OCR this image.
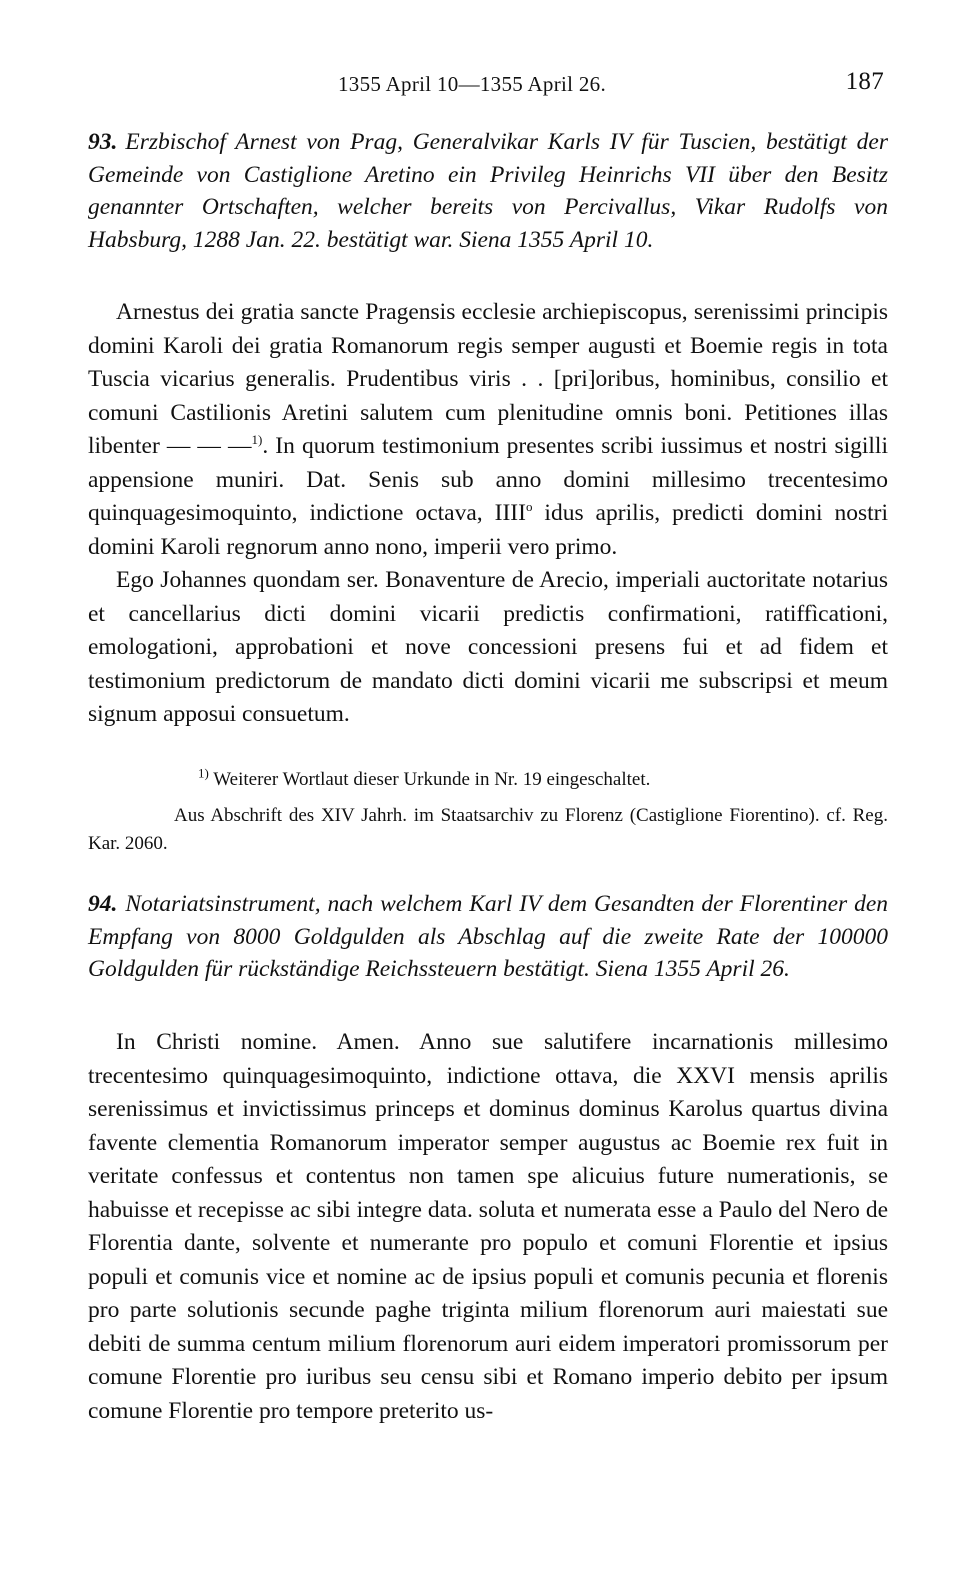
1355 April 10—1355 April 26.	187

93. Erzbischof Arnest von Prag, Generalvikar Karls IV für Tuscien, bestätigt der Gemeinde von Castiglione Aretino ein Privileg Heinrichs VII über den Besitz genannter Ortschaften, welcher bereits von Percivallus, Vikar Rudolfs von Habsburg, 1288 Jan. 22. bestätigt war. Siena 1355 April 10.

Arnestus dei gratia sancte Pragensis ecclesie archiepiscopus, serenissimi principis domini Karoli dei gratia Romanorum regis semper augusti et Boemie regis in tota Tuscia vicarius generalis. Prudentibus viris . . [pri]oribus, hominibus, consilio et comuni Castilionis Aretini salutem cum plenitudine omnis boni. Petitiones illas libenter — — —$^{1)}$. In quorum testimonium presentes scribi iussimus et nostri sigilli appensione muniri. Dat. Senis sub anno domini millesimo trecentesimo quinquagesimoquinto, indictione octava, IIII$^o$ idus aprilis, predicti domini nostri domini Karoli regnorum anno nono, imperii vero primo.

Ego Johannes quondam ser. Bonaventure de Arecio, imperiali auctoritate notarius et cancellarius dicti domini vicarii predictis confirmationi, ratiffìcationi, emologationi, approbationi et nove concessioni presens fui et ad fidem et testimonium predictorum de mandato dicti domini vicarii me subscripsi et meum signum apposui consuetum.

$^{1)}$ Weiterer Wortlaut dieser Urkunde in Nr. 19 eingeschaltet.

Aus Abschrift des XIV Jahrh. im Staatsarchiv zu Florenz (Castiglione Fiorentino). cf. Reg. Kar. 2060.

94. Notariatsinstrument, nach welchem Karl IV dem Gesandten der Florentiner den Empfang von 8000 Goldgulden als Abschlag auf die zweite Rate der 100000 Goldgulden für rückständige Reichssteuern bestätigt. Siena 1355 April 26.

In Christi nomine. Amen. Anno sue salutifere incarnationis millesimo trecentesimo quinquagesimoquinto, indictione ottava, die XXVI mensis aprilis serenissimus et invictissimus princeps et dominus dominus Karolus quartus divina favente clementia Romanorum imperator semper augustus ac Boemie rex fuit in veritate confessus et contentus non tamen spe alicuius future numerationis, se habuisse et recepisse ac sibi integre data. soluta et numerata esse a Paulo del Nero de Florentia dante, solvente et numerante pro populo et comuni Florentie et ipsius populi et comunis vice et nomine ac de ipsius populi et comunis pecunia et florenis pro parte solutionis secunde paghe triginta milium florenorum auri maiestati sue debiti de summa centum milium florenorum auri eidem imperatori promissorum per comune Florentie pro iuribus seu censu sibi et Romano imperio debito per ipsum comune Florentie pro tempore preterito us-
